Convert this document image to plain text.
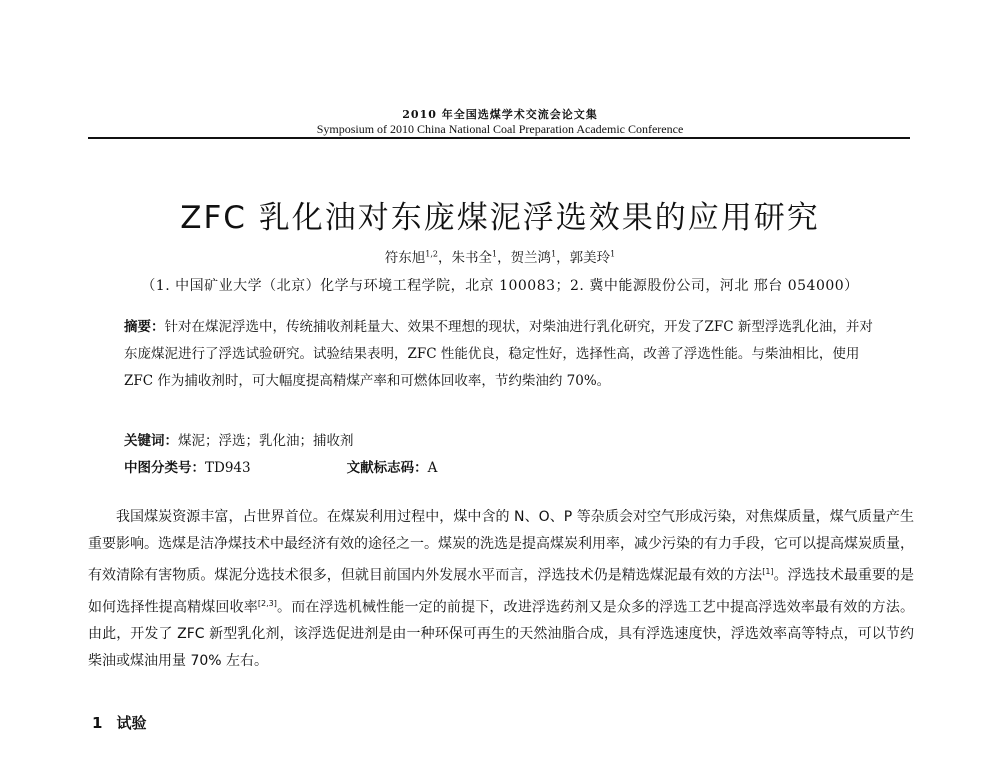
2010 年全国选煤学术交流会论文集
Symposium of 2010 China National Coal Preparation Academic Conference
ZFC 乳化油对东庞煤泥浮选效果的应用研究
符东旭$^{1,2}$，朱书全$^1$，贺兰鸿$^1$，郭美玲$^1$
（1. 中国矿业大学（北京）化学与环境工程学院，北京 100083；2. 冀中能源股份公司，河北 邢台 054000）

摘要：针对在煤泥浮选中，传统捕收剂耗量大、效果不理想的现状，对柴油进行乳化研究，开发了ZFC 新型浮选乳化油，并对东庞煤泥进行了浮选试验研究。试验结果表明，ZFC 性能优良，稳定性好，选择性高，改善了浮选性能。与柴油相比，使用 ZFC 作为捕收剂时，可大幅度提高精煤产率和可燃体回收率，节约柴油约 70%。

关键词：煤泥；浮选；乳化油；捕收剂
中图分类号：TD943	文献标志码：A

我国煤炭资源丰富，占世界首位。在煤炭利用过程中，煤中含的 N、O、P 等杂质会对空气形成污染，对焦煤质量，煤气质量产生重要影响。选煤是洁净煤技术中最经济有效的途径之一。煤炭的洗选是提高煤炭利用率，减少污染的有力手段，它可以提高煤炭质量，有效清除有害物质。煤泥分选技术很多，但就目前国内外发展水平而言，浮选技术仍是精选煤泥最有效的方法[1]。浮选技术最重要的是如何选择性提高精煤回收率[2,3]。而在浮选机械性能一定的前提下，改进浮选药剂又是众多的浮选工艺中提高浮选效率最有效的方法。由此，开发了 ZFC 新型乳化剂，该浮选促进剂是由一种环保可再生的天然油脂合成，具有浮选速度快，浮选效率高等特点，可以节约柴油或煤油用量 70% 左右。

1 试验
